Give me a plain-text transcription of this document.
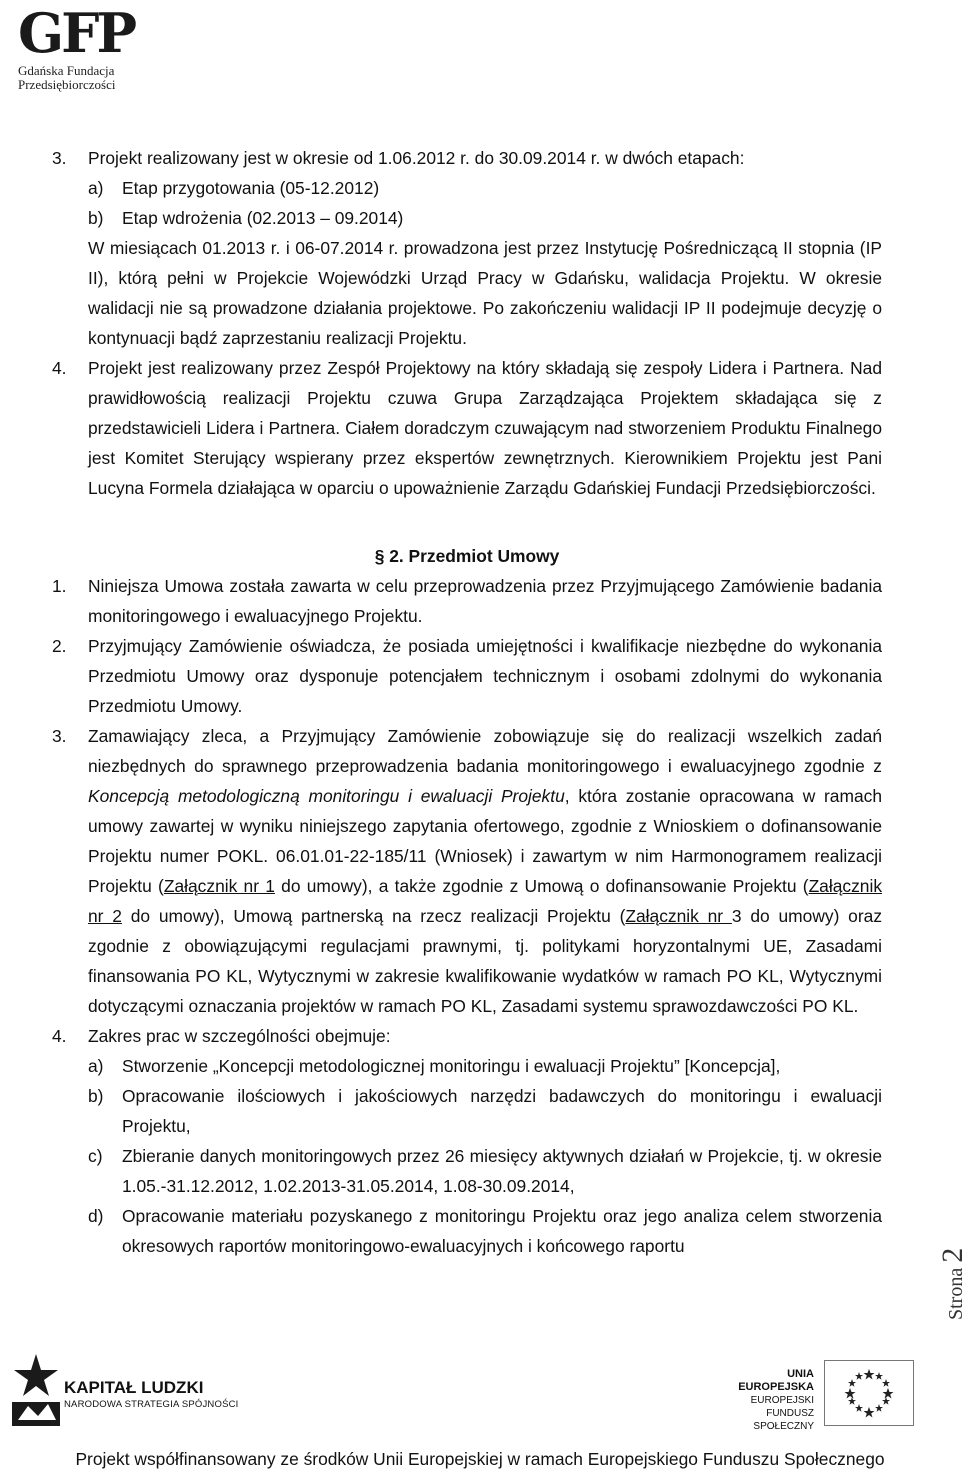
GFP
Gdańska Fundacja
Przedsiębiorczości
3.	Projekt realizowany jest w okresie od 1.06.2012 r. do 30.09.2014 r. w dwóch etapach:
a)	Etap przygotowania (05-12.2012)
b)	Etap wdrożenia (02.2013 – 09.2014)
W miesiącach 01.2013 r. i 06-07.2014 r. prowadzona jest przez Instytucję Pośredniczącą II stopnia (IP II), którą pełni w Projekcie Wojewódzki Urząd Pracy w Gdańsku, walidacja Projektu. W okresie walidacji nie są prowadzone działania projektowe. Po zakończeniu walidacji IP II podejmuje decyzję o kontynuacji bądź zaprzestaniu realizacji Projektu.
4.	Projekt jest realizowany przez Zespół Projektowy na który składają się zespoły Lidera i Partnera. Nad prawidłowością realizacji Projektu czuwa Grupa Zarządzająca Projektem składająca się z przedstawicieli Lidera i Partnera. Ciałem doradczym czuwającym nad stworzeniem Produktu Finalnego jest Komitet Sterujący wspierany przez ekspertów zewnętrznych. Kierownikiem Projektu jest Pani Lucyna Formela działająca w oparciu o upoważnienie Zarządu Gdańskiej Fundacji Przedsiębiorczości.
§ 2. Przedmiot Umowy
1.	Niniejsza Umowa została zawarta w celu przeprowadzenia przez Przyjmującego Zamówienie badania monitoringowego i ewaluacyjnego Projektu.
2.	Przyjmujący Zamówienie oświadcza, że posiada umiejętności i kwalifikacje niezbędne do wykonania Przedmiotu Umowy oraz dysponuje potencjałem technicznym i osobami zdolnymi do wykonania Przedmiotu Umowy.
3.	Zamawiający zleca, a Przyjmujący Zamówienie zobowiązuje się do realizacji wszelkich zadań niezbędnych do sprawnego przeprowadzenia badania monitoringowego i ewaluacyjnego zgodnie z Koncepcją metodologiczną monitoringu i ewaluacji Projektu, która zostanie opracowana w ramach umowy zawartej w wyniku niniejszego zapytania ofertowego, zgodnie z Wnioskiem o dofinansowanie Projektu numer POKL. 06.01.01-22-185/11 (Wniosek) i zawartym w nim Harmonogramem realizacji Projektu (Załącznik nr 1 do umowy), a także zgodnie z Umową o dofinansowanie Projektu (Załącznik nr 2 do umowy), Umową partnerską na rzecz realizacji Projektu (Załącznik nr 3 do umowy) oraz zgodnie z obowiązującymi regulacjami prawnymi, tj. politykami horyzontalnymi UE, Zasadami finansowania PO KL, Wytycznymi w zakresie kwalifikowanie wydatków w ramach PO KL, Wytycznymi dotyczącymi oznaczania projektów w ramach PO KL, Zasadami systemu sprawozdawczości PO KL.
4.	Zakres prac w szczególności obejmuje:
a)	Stworzenie „Koncepcji metodologicznej monitoringu i ewaluacji Projektu” [Koncepcja],
b)	Opracowanie ilościowych i jakościowych narzędzi badawczych do monitoringu i ewaluacji Projektu,
c)	Zbieranie danych monitoringowych przez 26 miesięcy aktywnych działań w Projekcie, tj. w okresie 1.05.-31.12.2012, 1.02.2013-31.05.2014, 1.08-30.09.2014,
d)	Opracowanie materiału pozyskanego z monitoringu Projektu oraz jego analiza celem stworzenia okresowych raportów monitoringowo-ewaluacyjnych i końcowego raportu
Strona 2
KAPITAŁ LUDZKI
NARODOWA STRATEGIA SPÓJNOŚCI
UNIA EUROPEJSKA
EUROPEJSKI
FUNDUSZ SPOŁECZNY
Projekt współfinansowany ze środków Unii Europejskiej w ramach Europejskiego Funduszu Społecznego
